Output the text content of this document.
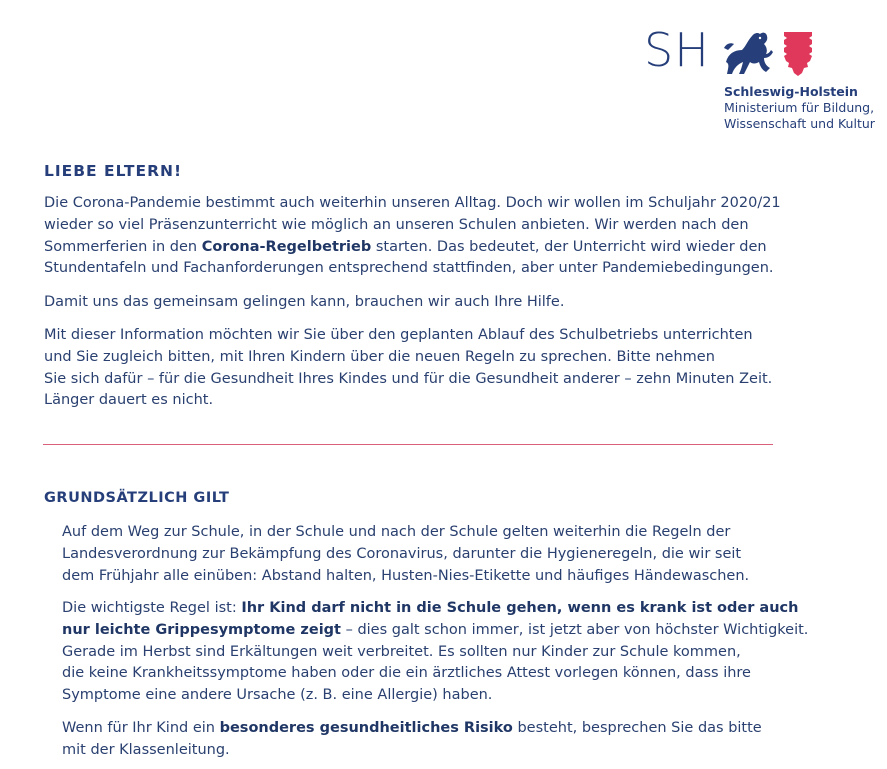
SH
Schleswig-Holstein
Ministerium für Bildung,
Wissenschaft und Kultur
LIEBE ELTERN!
Die Corona-Pandemie bestimmt auch weiterhin unseren Alltag. Doch wir wollen im Schuljahr 2020/21
wieder so viel Präsenzunterricht wie möglich an unseren Schulen anbieten. Wir werden nach den
Sommerferien in den Corona-Regelbetrieb starten. Das bedeutet, der Unterricht wird wieder den
Stundentafeln und Fachanforderungen entsprechend stattfinden, aber unter Pandemiebedingungen.
Damit uns das gemeinsam gelingen kann, brauchen wir auch Ihre Hilfe.
Mit dieser Information möchten wir Sie über den geplanten Ablauf des Schulbetriebs unterrichten
und Sie zugleich bitten, mit Ihren Kindern über die neuen Regeln zu sprechen. Bitte nehmen
Sie sich dafür – für die Gesundheit Ihres Kindes und für die Gesundheit anderer – zehn Minuten Zeit.
Länger dauert es nicht.
GRUNDSÄTZLICH GILT
Auf dem Weg zur Schule, in der Schule und nach der Schule gelten weiterhin die Regeln der
Landesverordnung zur Bekämpfung des Coronavirus, darunter die Hygieneregeln, die wir seit
dem Frühjahr alle einüben: Abstand halten, Husten-Nies-Etikette und häufiges Händewaschen.
Die wichtigste Regel ist: Ihr Kind darf nicht in die Schule gehen, wenn es krank ist oder auch
nur leichte Grippesymptome zeigt – dies galt schon immer, ist jetzt aber von höchster Wichtigkeit.
Gerade im Herbst sind Erkältungen weit verbreitet. Es sollten nur Kinder zur Schule kommen,
die keine Krankheitssymptome haben oder die ein ärztliches Attest vorlegen können, dass ihre
Symptome eine andere Ursache (z. B. eine Allergie) haben.
Wenn für Ihr Kind ein besonderes gesundheitliches Risiko besteht, besprechen Sie das bitte
mit der Klassenleitung.
